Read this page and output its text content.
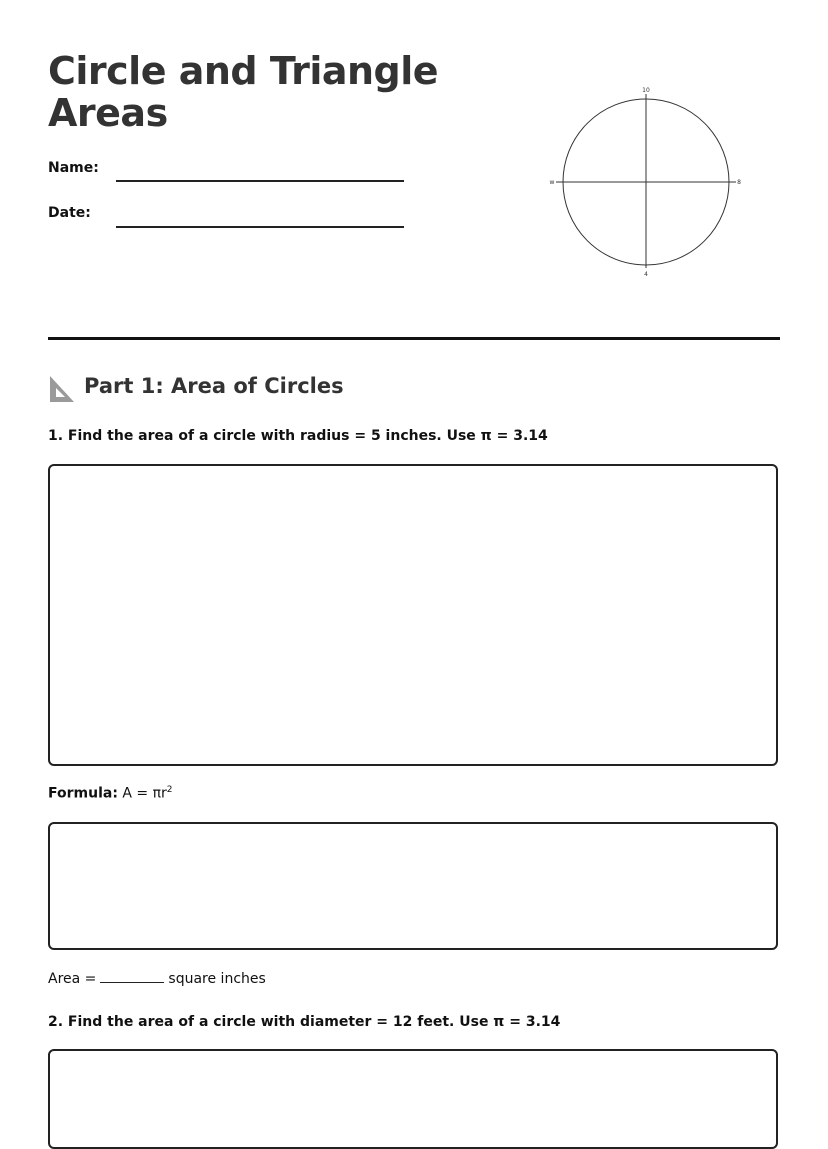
Circle and Triangle Areas
Name:
Date:
10
w	8
4
Part 1: Area of Circles
1. Find the area of a circle with radius = 5 inches. Use π = 3.14
Formula: $A = \pi r^2$
Area =	square inches
2. Find the area of a circle with diameter = 12 feet. Use π = 3.14
